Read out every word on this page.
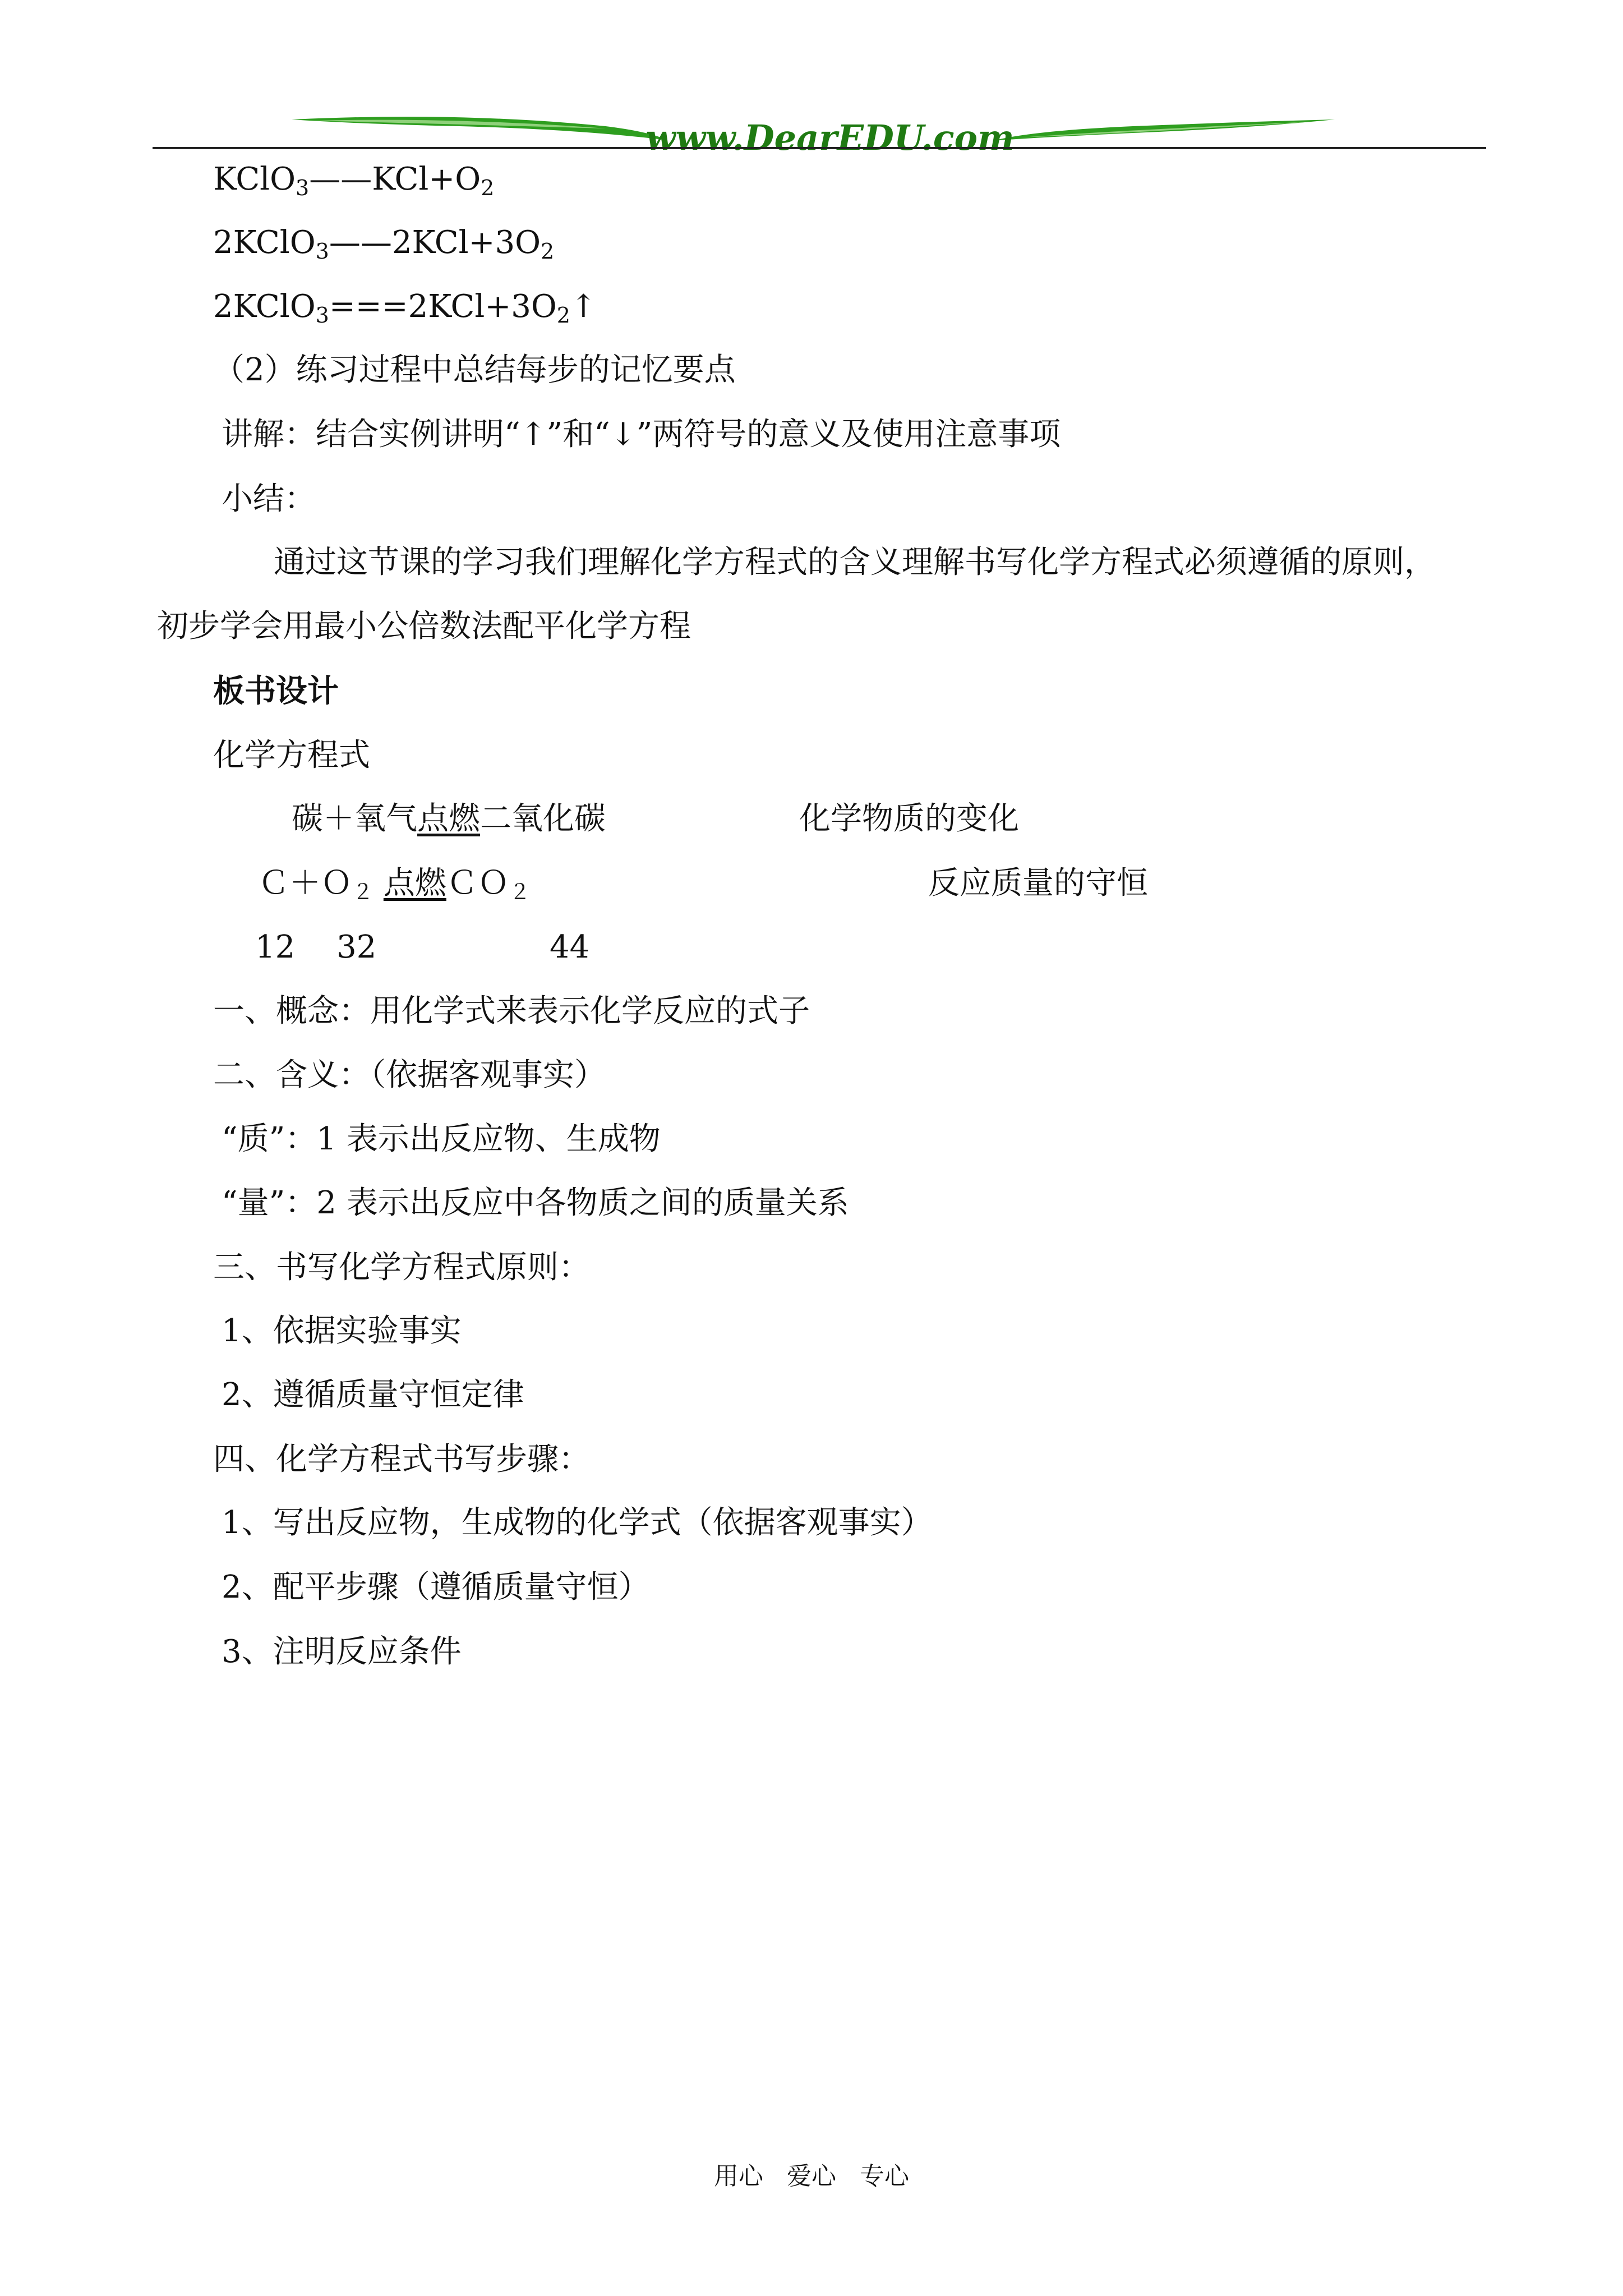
www.DearEDU.com
$KClO_3——KCl+O_2$
$2KClO_3——2KCl+3O_2$
$2KClO_3===2KCl+3O_2↑$
（2）练习过程中总结每步的记忆要点
讲解：结合实例讲明“↑”和“↓”两符号的意义及使用注意事项
小结：
通过这节课的学习我们理解化学方程式的含义理解书写化学方程式必须遵循的原则，
初步学会用最小公倍数法配平化学方程
板书设计
化学方程式
碳＋氧气点燃二氧化碳	化学物质的变化
Ｃ＋Ｏ$_2$ 点燃ＣＯ$_2$	反应质量的守恒
12 32	44
一、概念：用化学式来表示化学反应的式子
二、含义：（依据客观事实）
“质”：1 表示出反应物、生成物
“量”：2 表示出反应中各物质之间的质量关系
三、书写化学方程式原则：
1、依据实验事实
2、遵循质量守恒定律
四、化学方程式书写步骤：
1、写出反应物，生成物的化学式（依据客观事实）
2、配平步骤（遵循质量守恒）
3、注明反应条件
用心 爱心 专心
